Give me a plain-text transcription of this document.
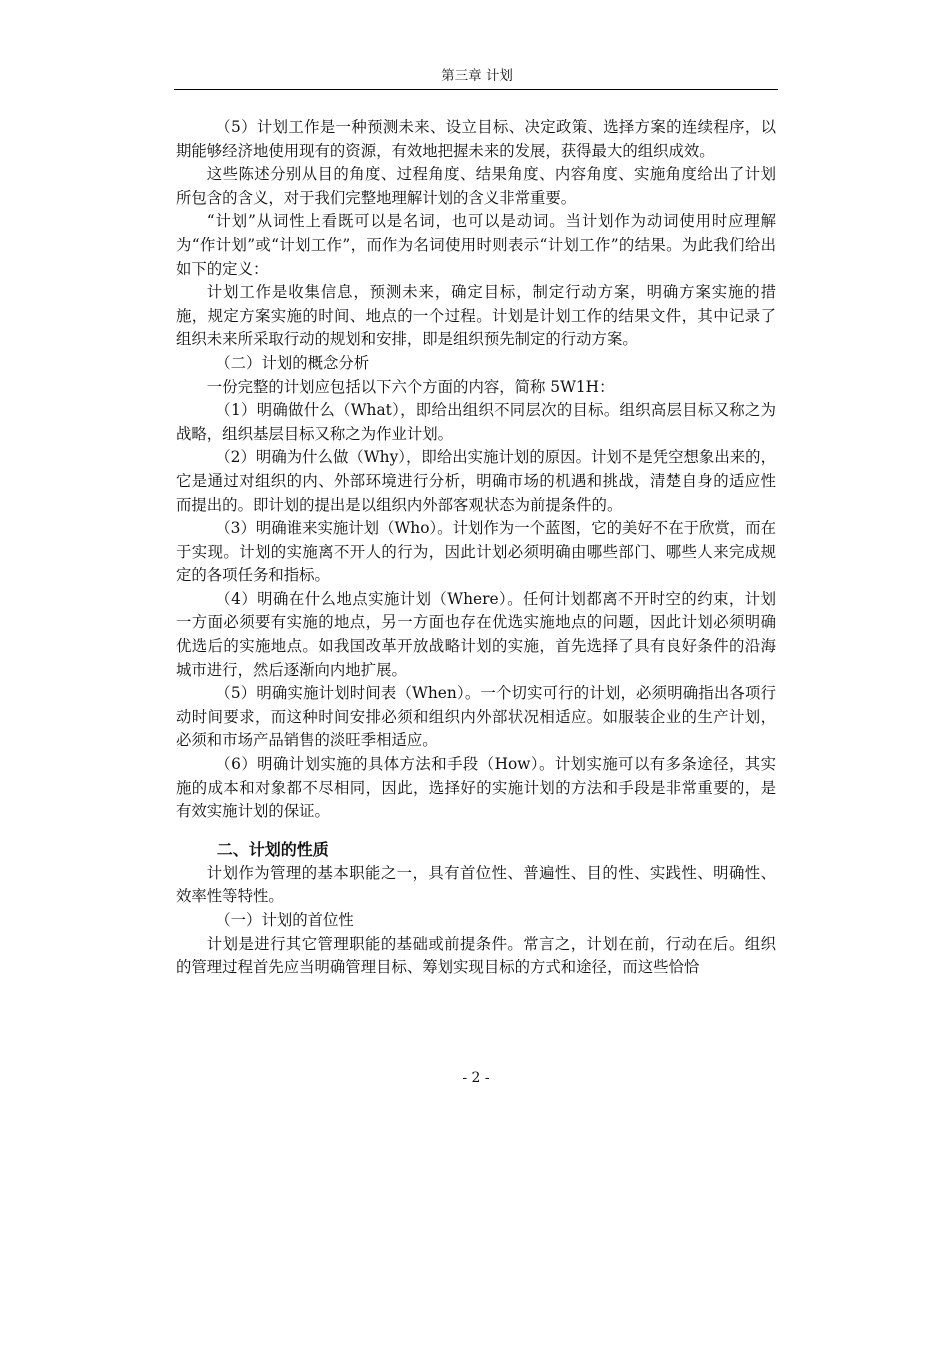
第三章 计划

（5）计划工作是一种预测未来、设立目标、决定政策、选择方案的连续程序，以期能够经济地使用现有的资源，有效地把握未来的发展，获得最大的组织成效。

这些陈述分别从目的角度、过程角度、结果角度、内容角度、实施角度给出了计划所包含的含义，对于我们完整地理解计划的含义非常重要。

“计划”从词性上看既可以是名词，也可以是动词。当计划作为动词使用时应理解为“作计划”或“计划工作”，而作为名词使用时则表示“计划工作”的结果。为此我们给出如下的定义：

计划工作是收集信息，预测未来，确定目标，制定行动方案，明确方案实施的措施，规定方案实施的时间、地点的一个过程。计划是计划工作的结果文件，其中记录了组织未来所采取行动的规划和安排，即是组织预先制定的行动方案。

（二）计划的概念分析

一份完整的计划应包括以下六个方面的内容，简称 5W1H：

（1）明确做什么（What），即给出组织不同层次的目标。组织高层目标又称之为战略，组织基层目标又称之为作业计划。

（2）明确为什么做（Why），即给出实施计划的原因。计划不是凭空想象出来的，它是通过对组织的内、外部环境进行分析，明确市场的机遇和挑战，清楚自身的适应性而提出的。即计划的提出是以组织内外部客观状态为前提条件的。

（3）明确谁来实施计划（Who）。计划作为一个蓝图，它的美好不在于欣赏，而在于实现。计划的实施离不开人的行为，因此计划必须明确由哪些部门、哪些人来完成规定的各项任务和指标。

（4）明确在什么地点实施计划（Where）。任何计划都离不开时空的约束，计划一方面必须要有实施的地点，另一方面也存在优选实施地点的问题，因此计划必须明确优选后的实施地点。如我国改革开放战略计划的实施，首先选择了具有良好条件的沿海城市进行，然后逐渐向内地扩展。

（5）明确实施计划时间表（When）。一个切实可行的计划，必须明确指出各项行动时间要求，而这种时间安排必须和组织内外部状况相适应。如服装企业的生产计划，必须和市场产品销售的淡旺季相适应。

（6）明确计划实施的具体方法和手段（How）。计划实施可以有多条途径，其实施的成本和对象都不尽相同，因此，选择好的实施计划的方法和手段是非常重要的，是有效实施计划的保证。

二、计划的性质

计划作为管理的基本职能之一，具有首位性、普遍性、目的性、实践性、明确性、效率性等特性。

（一）计划的首位性

计划是进行其它管理职能的基础或前提条件。常言之，计划在前，行动在后。组织的管理过程首先应当明确管理目标、筹划实现目标的方式和途径，而这些恰恰

- 2 -
